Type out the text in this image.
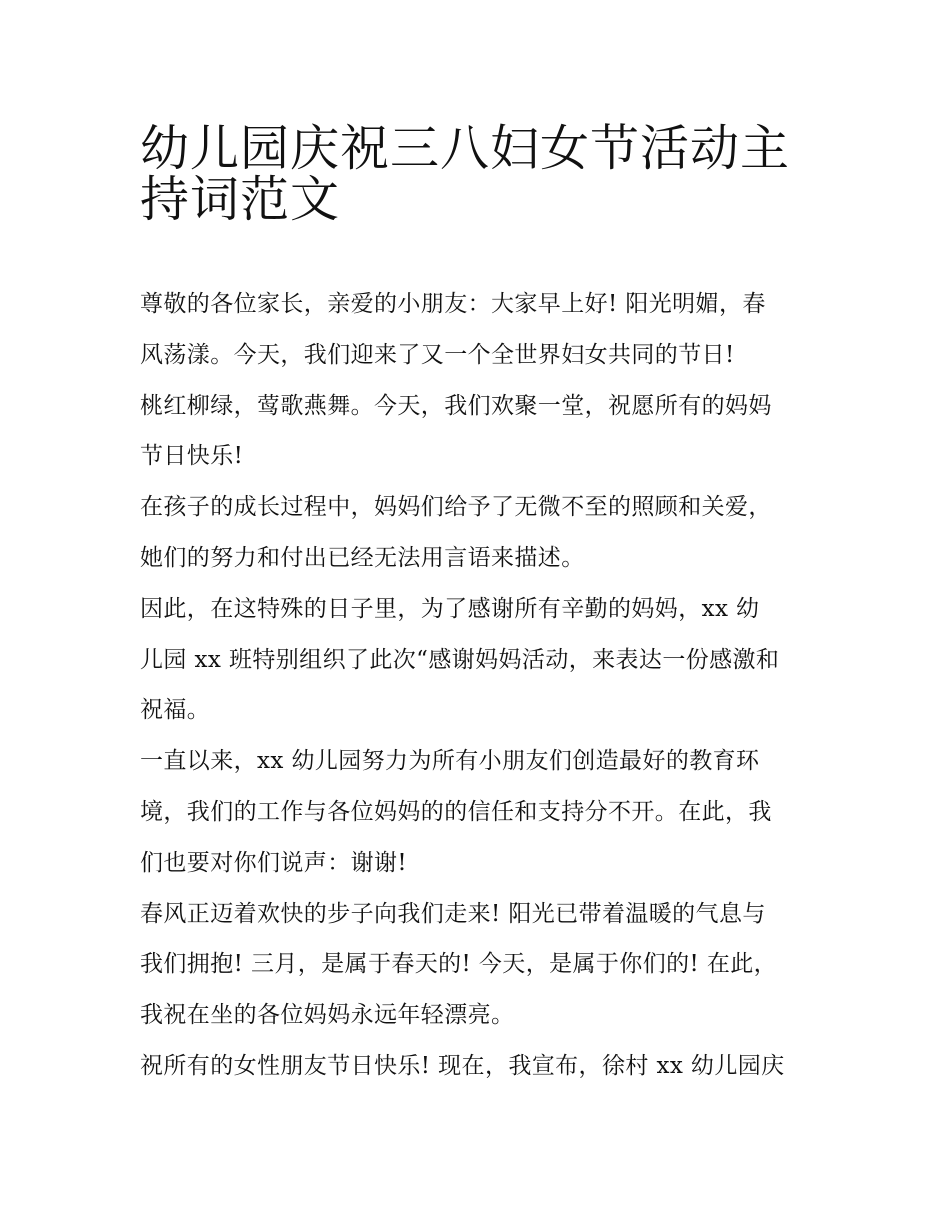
幼儿园庆祝三八妇女节活动主
持词范文

尊敬的各位家长，亲爱的小朋友：大家早上好! 阳光明媚，春
风荡漾。今天，我们迎来了又一个全世界妇女共同的节日!

桃红柳绿，莺歌燕舞。今天，我们欢聚一堂，祝愿所有的妈妈
节日快乐!

在孩子的成长过程中，妈妈们给予了无微不至的照顾和关爱，
她们的努力和付出已经无法用言语来描述。

因此，在这特殊的日子里，为了感谢所有辛勤的妈妈，xx 幼
儿园 xx 班特别组织了此次“感谢妈妈活动，来表达一份感激和
祝福。

一直以来，xx 幼儿园努力为所有小朋友们创造最好的教育环
境，我们的工作与各位妈妈的的信任和支持分不开。在此，我
们也要对你们说声：谢谢!

春风正迈着欢快的步子向我们走来! 阳光已带着温暖的气息与
我们拥抱! 三月，是属于春天的! 今天，是属于你们的! 在此，
我祝在坐的各位妈妈永远年轻漂亮。

祝所有的女性朋友节日快乐! 现在，我宣布，徐村 xx 幼儿园庆
